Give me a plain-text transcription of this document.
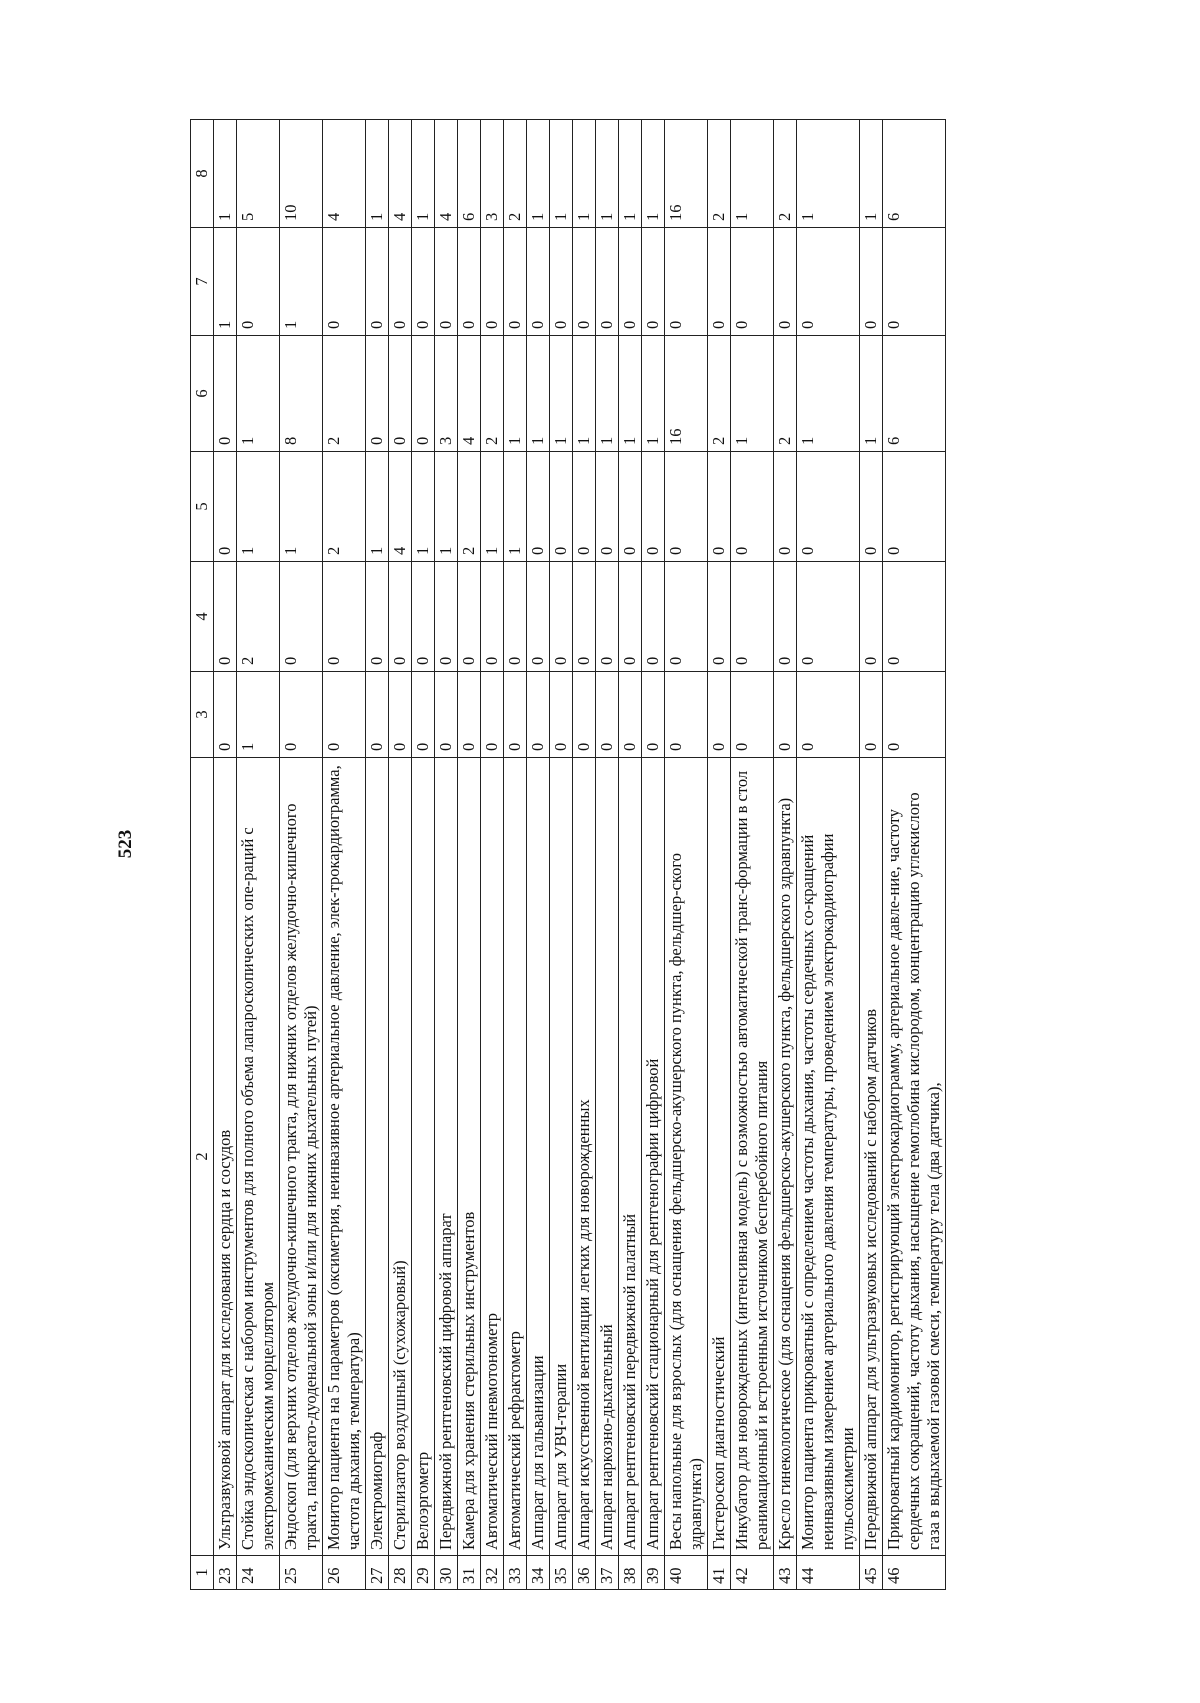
523
1	2	3	4	5	6	7	8
23	Ультразвуковой аппарат для исследования сердца и сосудов	0	0	0	0	1	1
24	Стойка эндоскопическая с набором инструментов для полного объема лапароскопических опе-раций с электромеханическим морцеллятором	1	2	1	1	0	5
25	Эндоскоп (для верхних отделов желудочно-кишечного тракта, для нижних отделов желудочно-кишечного тракта, панкреато-дуоденальной зоны и/или для нижних дыхательных путей)	0	0	1	8	1	10
26	Монитор пациента на 5 параметров (оксиметрия, неинвазивное артериальное давление, элек-трокардиограмма, частота дыхания, температура)	0	0	2	2	0	4
27	Электромиограф	0	0	1	0	0	1
28	Стерилизатор воздушный (сухожаровый)	0	0	4	0	0	4
29	Велоэргометр	0	0	1	0	0	1
30	Передвижной рентгеновский цифровой аппарат	0	0	1	3	0	4
31	Камера для хранения стерильных инструментов	0	0	2	4	0	6
32	Автоматический пневмотонометр	0	0	1	2	0	3
33	Автоматический рефрактометр	0	0	1	1	0	2
34	Аппарат для гальванизации	0	0	0	1	0	1
35	Аппарат для УВЧ-терапии	0	0	0	1	0	1
36	Аппарат искусственной вентиляции легких для новорожденных	0	0	0	1	0	1
37	Аппарат наркозно-дыхательный	0	0	0	1	0	1
38	Аппарат рентгеновский передвижной палатный	0	0	0	1	0	1
39	Аппарат рентгеновский стационарный для рентгенографии цифровой	0	0	0	1	0	1
40	Весы напольные для взрослых (для оснащения фельдшерско-акушерского пункта, фельдшер-ского здравпункта)	0	0	0	16	0	16
41	Гистероскоп диагностический	0	0	0	2	0	2
42	Инкубатор для новорожденных (интенсивная модель) с возможностью автоматической транс-формации в стол реанимационный и встроенным источником бесперебойного питания	0	0	0	1	0	1
43	Кресло гинекологическое (для оснащения фельдшерско-акушерского пункта, фельдшерского здравпункта)	0	0	0	2	0	2
44	Монитор пациента прикроватный с определением частоты дыхания, частоты сердечных со-кращений неинвазивным измерением артериального давления температуры, проведением электрокардиографии пульсоксиметрии	0	0	0	1	0	1
45	Передвижной аппарат для ультразвуковых исследований с набором датчиков	0	0	0	1	0	1
46	Прикроватный кардиомонитор, регистрирующий электрокардиограмму, артериальное давле-ние, частоту сердечных сокращений, частоту дыхания, насыщение гемоглобина кислородом, концентрацию углекислого газа в выдыхаемой газовой смеси, температуру тела (два датчика),	0	0	0	6	0	6
